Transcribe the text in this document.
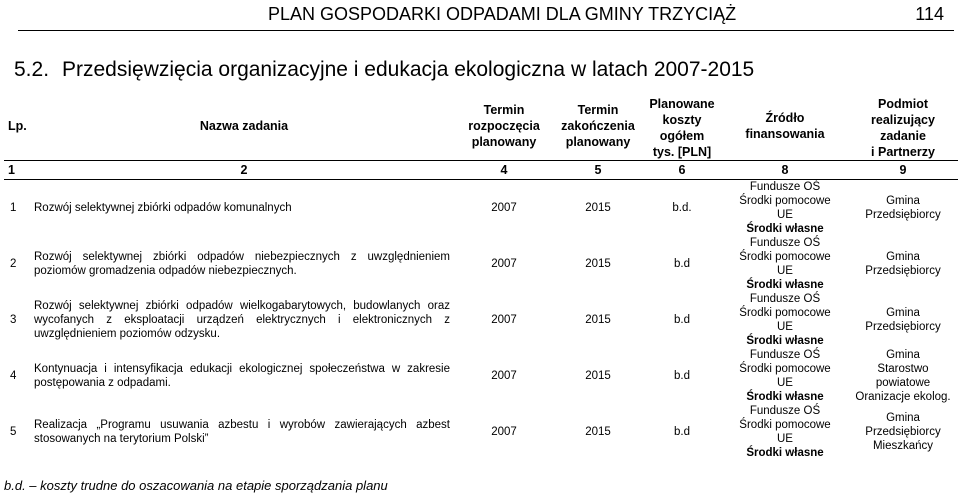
PLAN GOSPODARKI ODPADAMI DLA GMINY TRZYCIĄŻ	114
5.2. Przedsięwzięcia organizacyjne i edukacja ekologiczna w latach 2007-2015
Lp.	Nazwa zadania	Termin
rozpoczęcia
planowany	Termin
zakończenia
planowany	Planowane
koszty
ogółem
tys. [PLN]	Źródło
finansowania	Podmiot
realizujący
zadanie
i Partnerzy
1	2	4	5	6	8	9
1	Rozwój selektywnej zbiórki odpadów komunalnych	2007	2015	b.d.	Fundusze OŚ
Środki pomocowe
UE
Środki własne	Gmina
Przedsiębiorcy

2	Rozwój selektywnej zbiórki odpadów niebezpiecznych z uwzględnieniem poziomów gromadzenia odpadów niebezpiecznych.	2007	2015	b.d	Fundusze OŚ
Środki pomocowe
UE
Środki własne	Gmina
Przedsiębiorcy

3	Rozwój selektywnej zbiórki odpadów wielkogabarytowych, budowlanych oraz wycofanych z eksploatacji urządzeń elektrycznych i elektronicznych z uwzględnieniem poziomów odzysku.	2007	2015	b.d	Fundusze OŚ
Środki pomocowe
UE
Środki własne	Gmina
Przedsiębiorcy

4	Kontynuacja i intensyfikacja edukacji ekologicznej społeczeństwa w zakresie postępowania z odpadami.	2007	2015	b.d	Fundusze OŚ
Środki pomocowe
UE
Środki własne	Gmina
Starostwo
powiatowe
Oranizacje ekolog.

5	Realizacja „Programu usuwania azbestu i wyrobów zawierających azbest stosowanych na terytorium Polski”	2007	2015	b.d	Fundusze OŚ
Środki pomocowe
UE
Środki własne	Gmina
Przedsiębiorcy
Mieszkańcy
b.d. – koszty trudne do oszacowania na etapie sporządzania planu
